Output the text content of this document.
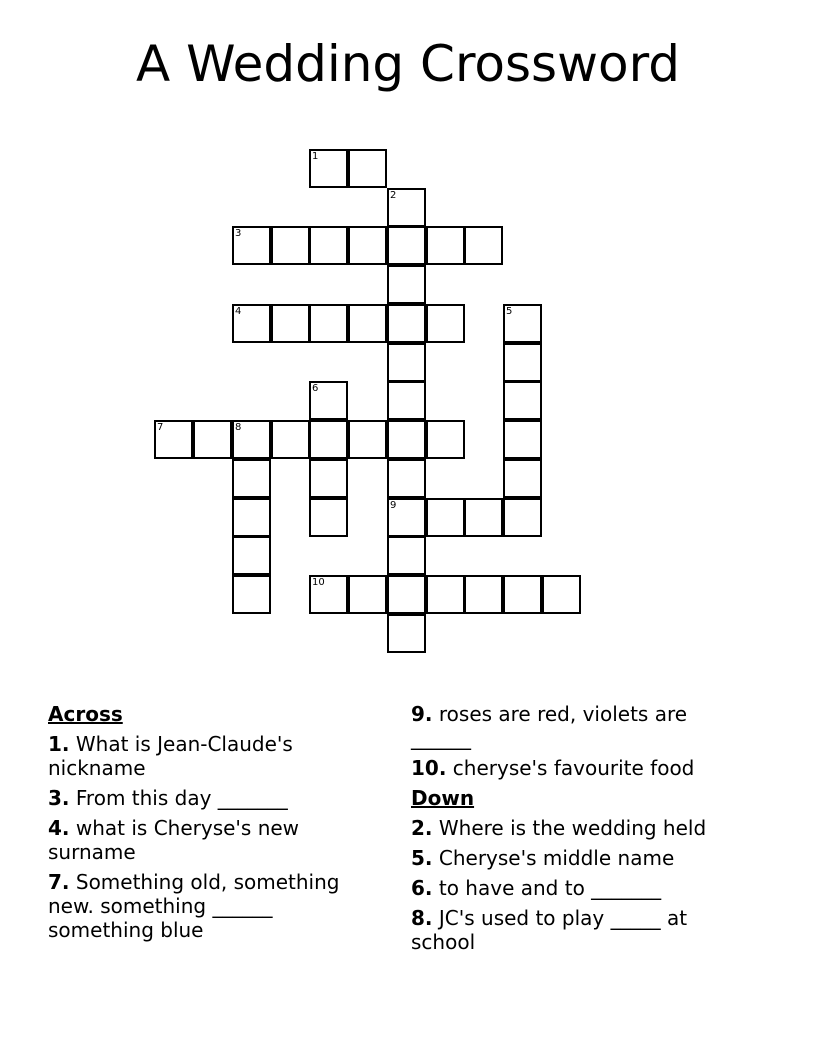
A Wedding Crossword
1
2
3
4	5
6
7	8
9
10
Across
1. What is Jean-Claude's nickname
3. From this day _______
4. what is Cheryse's new surname
7. Something old, something new. something ______ something blue
9. roses are red, violets are ______
10. cheryse's favourite food
Down
2. Where is the wedding held
5. Cheryse's middle name
6. to have and to _______
8. JC's used to play _____ at school
